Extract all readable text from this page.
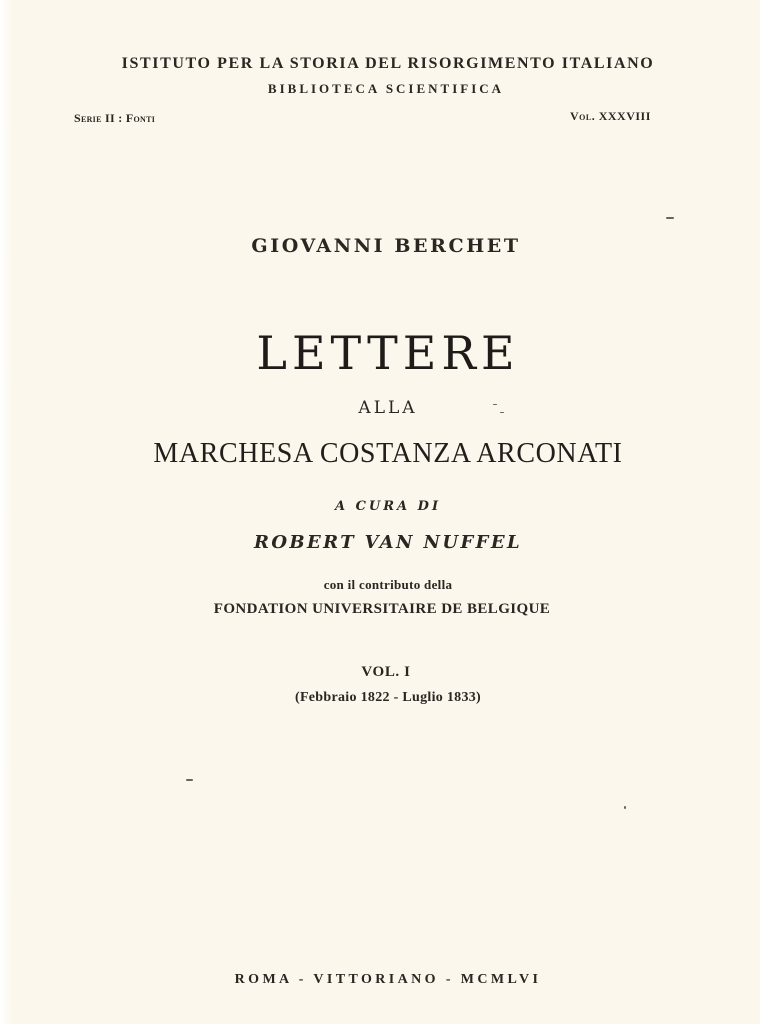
ISTITUTO PER LA STORIA DEL RISORGIMENTO ITALIANO
BIBLIOTECA SCIENTIFICA
Serie II : Fonti	Vol. XXXVIII
GIOVANNI BERCHET
LETTERE
ALLA
MARCHESA COSTANZA ARCONATI
A CURA DI
ROBERT VAN NUFFEL
con il contributo della
FONDATION UNIVERSITAIRE DE BELGIQUE
VOL. I
(Febbraio 1822 - Luglio 1833)
ROMA - VITTORIANO - MCMLVI
